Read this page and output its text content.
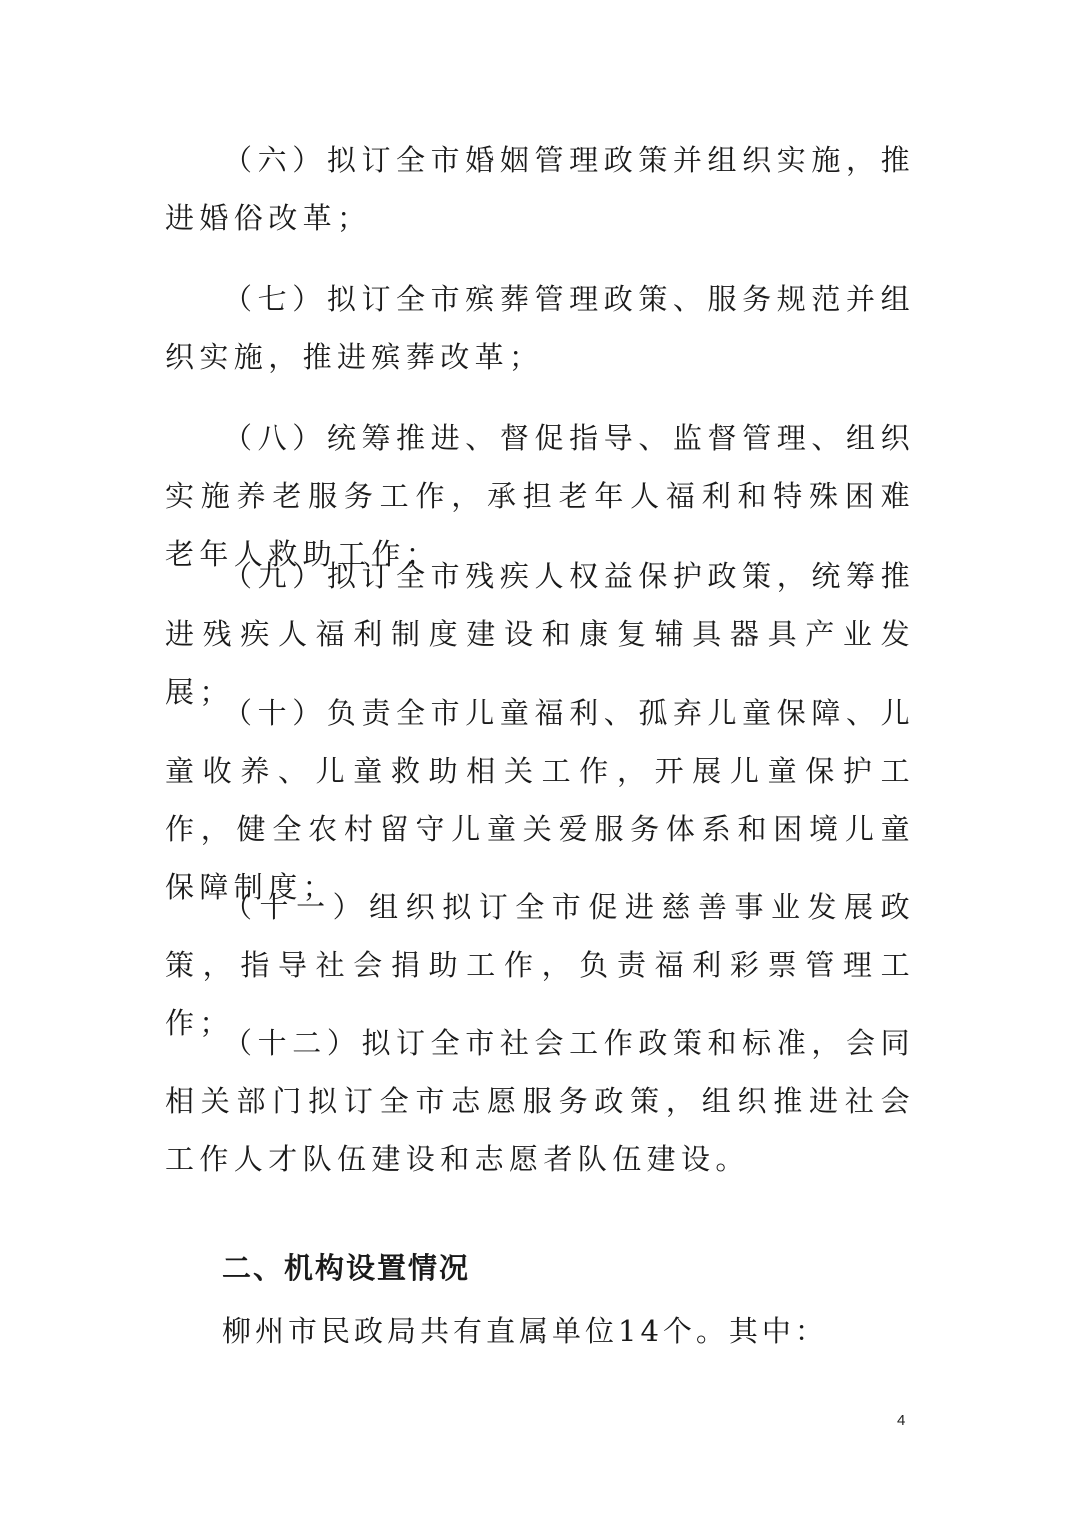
（六）拟订全市婚姻管理政策并组织实施，推进婚俗改革；

（七）拟订全市殡葬管理政策、服务规范并组织实施，推进殡葬改革；

（八）统筹推进、督促指导、监督管理、组织实施养老服务工作，承担老年人福利和特殊困难老年人救助工作；

（九）拟订全市残疾人权益保护政策，统筹推进残疾人福利制度建设和康复辅具器具产业发展；

（十）负责全市儿童福利、孤弃儿童保障、儿童收养、儿童救助相关工作，开展儿童保护工作，健全农村留守儿童关爱服务体系和困境儿童保障制度；

（十一）组织拟订全市促进慈善事业发展政策，指导社会捐助工作，负责福利彩票管理工作；

（十二）拟订全市社会工作政策和标准，会同相关部门拟订全市志愿服务政策，组织推进社会工作人才队伍建设和志愿者队伍建设。

二、机构设置情况

柳州市民政局共有直属单位14个。其中：

4
